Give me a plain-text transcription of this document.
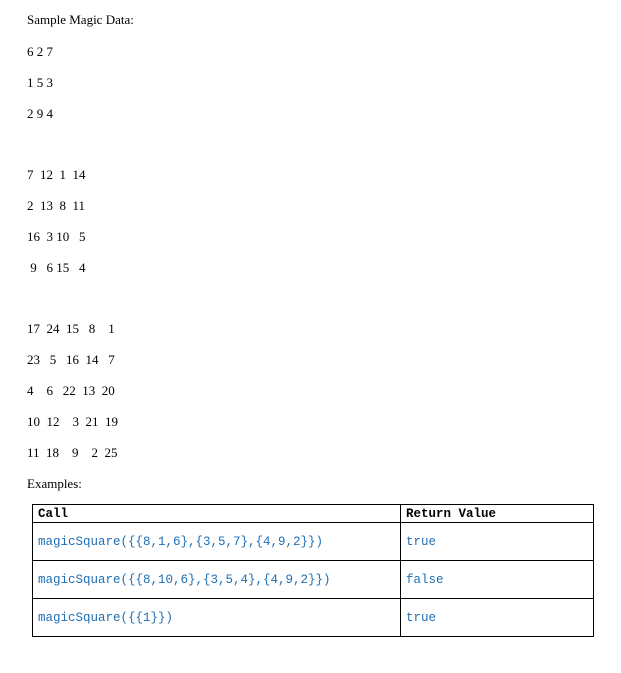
Sample Magic Data:
6 2 7
1 5 3
2 9 4
7  12  1  14
2  13  8  11
16  3 10   5
9   6 15   4
17  24  15   8    1
23   5   16  14   7
4    6   22  13  20
10  12    3  21  19
11  18    9    2  25
Examples:
Call	Return Value
magicSquare({{8,1,6},{3,5,7},{4,9,2}})	true
magicSquare({{8,10,6},{3,5,4},{4,9,2}})	false
magicSquare({{1}})	true
